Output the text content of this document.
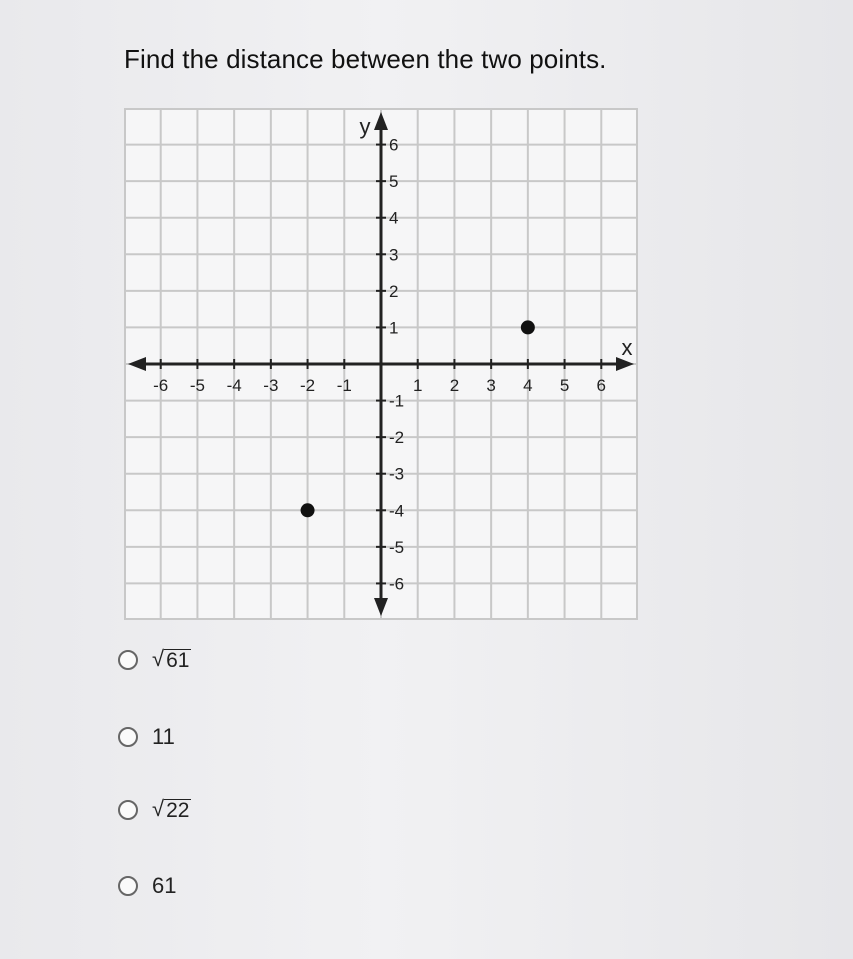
Find the distance between the two points.
-6 -5 -4 -3 -2 -1	1 2 3 4 5 6
6
5
4
3
2
1
-1
-2
-3
-4
-5
-6
x
y
√ 61
11
√ 22
61
